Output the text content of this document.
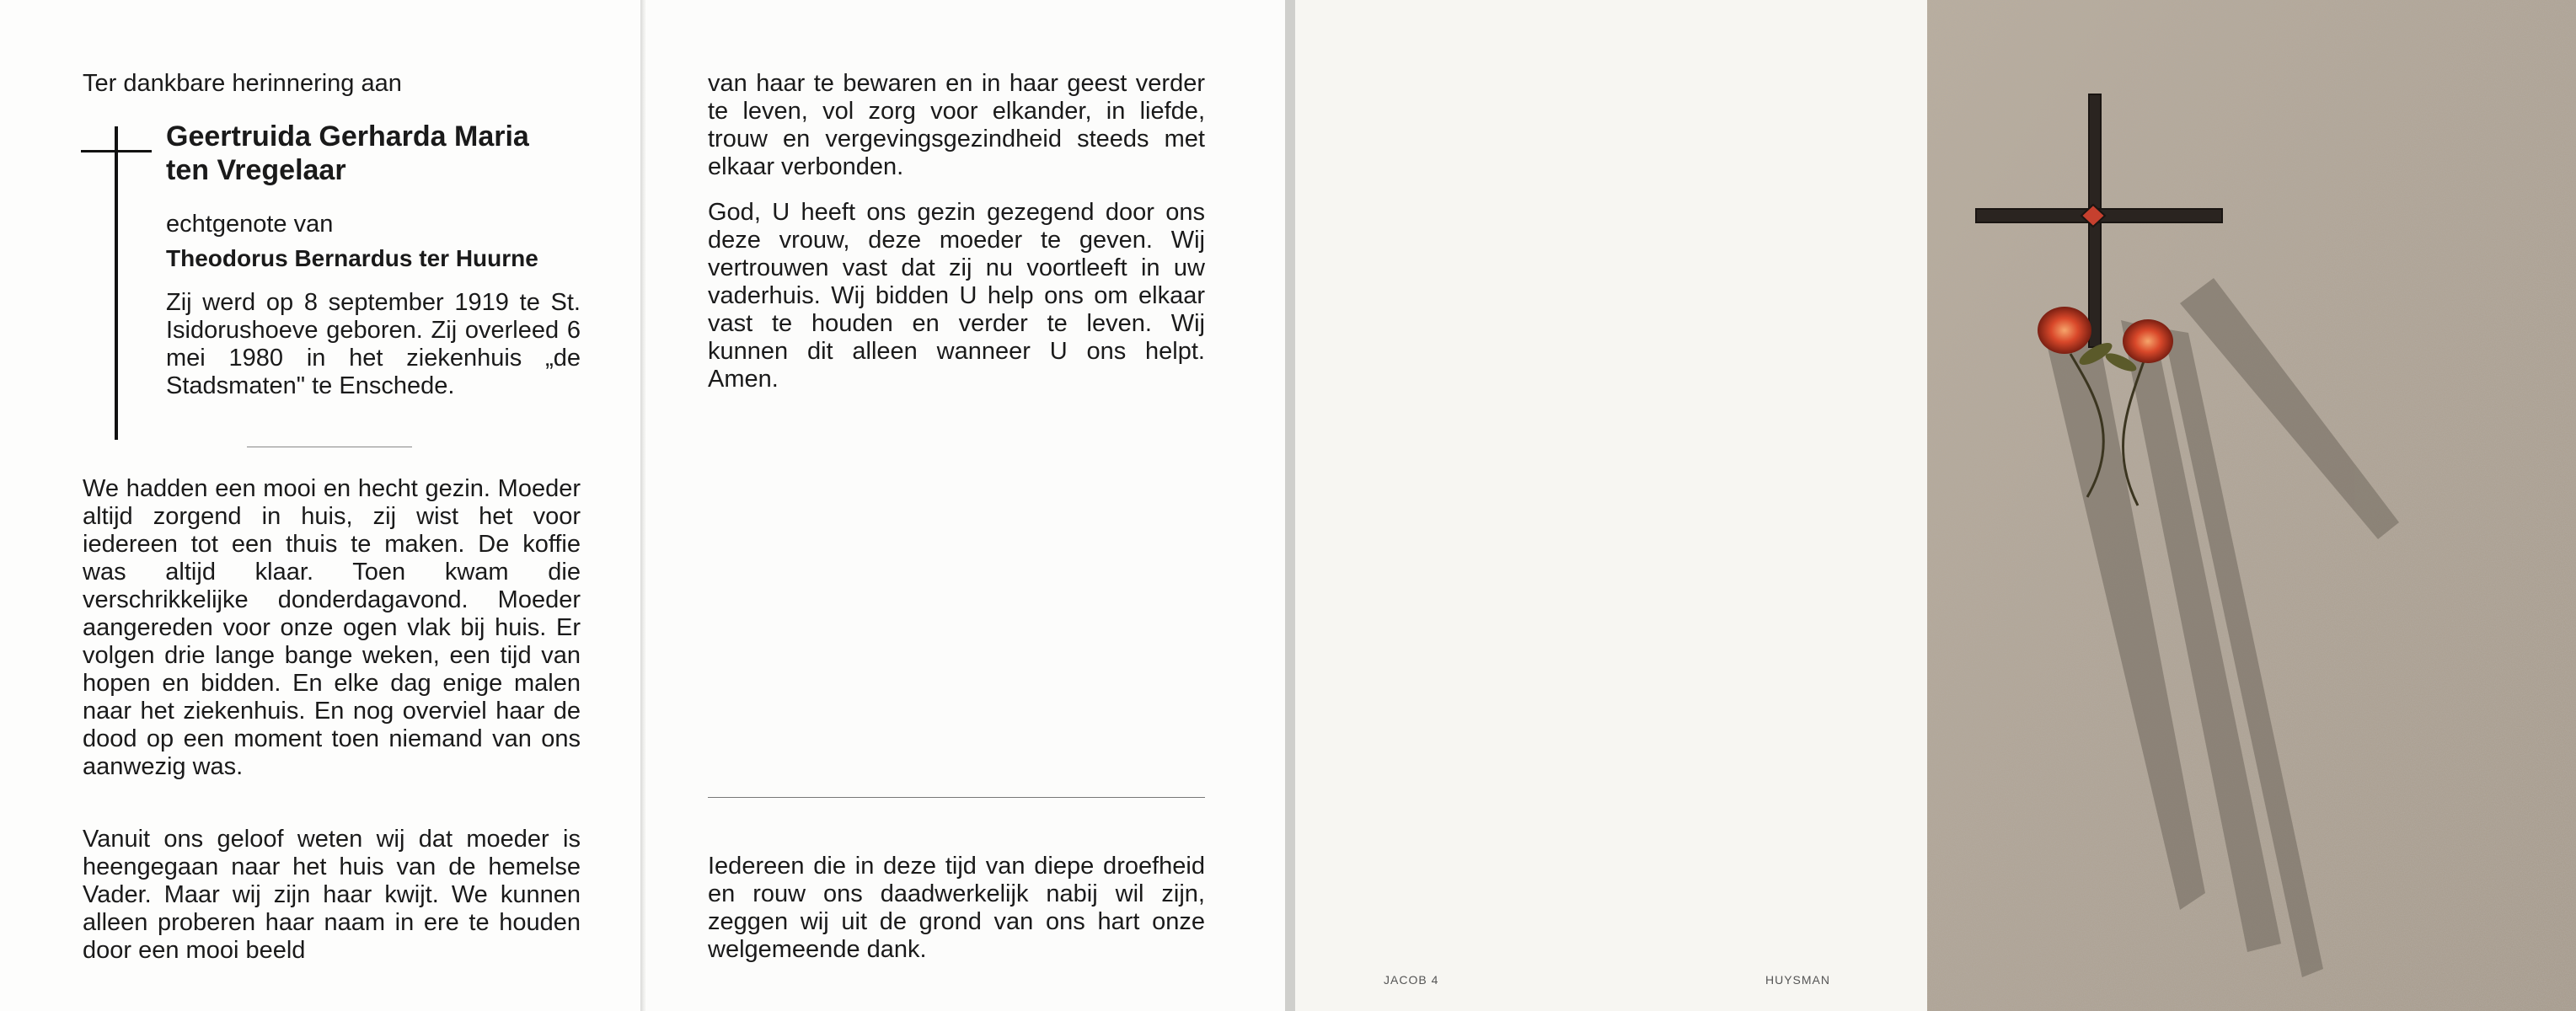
Ter dankbare herinnering aan

Geertruida Gerharda Maria

ten Vregelaar

echtgenote van

Theodorus Bernardus ter Huurne

Zij werd op 8 september 1919 te St. Isidorushoeve geboren. Zij overleed 6 mei 1980 in het ziekenhuis „de Stadsmaten" te Enschede.

We hadden een mooi en hecht gezin. Moeder altijd zorgend in huis, zij wist het voor iedereen tot een thuis te maken. De koffie was altijd klaar. Toen kwam die verschrikkelijke donderdagavond. Moeder aangereden voor onze ogen vlak bij huis. Er volgen drie lange bange weken, een tijd van hopen en bidden. En elke dag enige malen naar het ziekenhuis. En nog overviel haar de dood op een moment toen niemand van ons aanwezig was.

Vanuit ons geloof weten wij dat moeder is heengegaan naar het huis van de hemelse Vader. Maar wij zijn haar kwijt. We kunnen alleen proberen haar naam in ere te houden door een mooi beeld

van haar te bewaren en in haar geest verder te leven, vol zorg voor elkander, in liefde, trouw en vergevingsgezindheid steeds met elkaar verbonden.

God, U heeft ons gezin gezegend door ons deze vrouw, deze moeder te geven. Wij vertrouwen vast dat zij nu voortleeft in uw vaderhuis. Wij bidden U help ons om elkaar vast te houden en verder te leven. Wij kunnen dit alleen wanneer U ons helpt. Amen.

Iedereen die in deze tijd van diepe droefheid en rouw ons daadwerkelijk nabij wil zijn, zeggen wij uit de grond van ons hart onze welgemeende dank.

JACOB 4	HUYSMAN
